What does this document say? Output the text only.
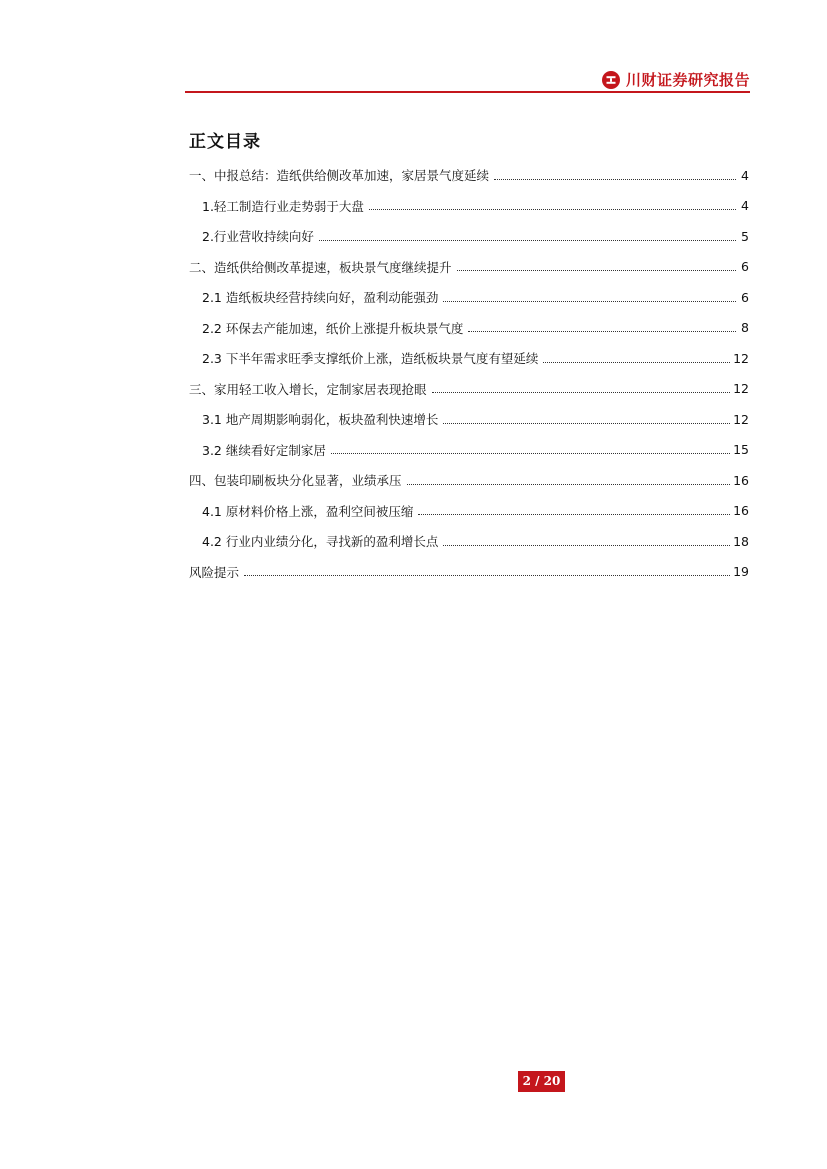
川财证券研究报告
正文目录
一、中报总结：造纸供给侧改革加速，家居景气度延续	4
1.轻工制造行业走势弱于大盘	4
2.行业营收持续向好	5
二、造纸供给侧改革提速，板块景气度继续提升	6
2.1 造纸板块经营持续向好，盈利动能强劲	6
2.2 环保去产能加速，纸价上涨提升板块景气度	8
2.3 下半年需求旺季支撑纸价上涨，造纸板块景气度有望延续	12
三、家用轻工收入增长，定制家居表现抢眼	12
3.1 地产周期影响弱化，板块盈利快速增长	12
3.2 继续看好定制家居	15
四、包装印刷板块分化显著，业绩承压	16
4.1 原材料价格上涨，盈利空间被压缩	16
4.2 行业内业绩分化，寻找新的盈利增长点	18
风险提示	19
2 / 20
